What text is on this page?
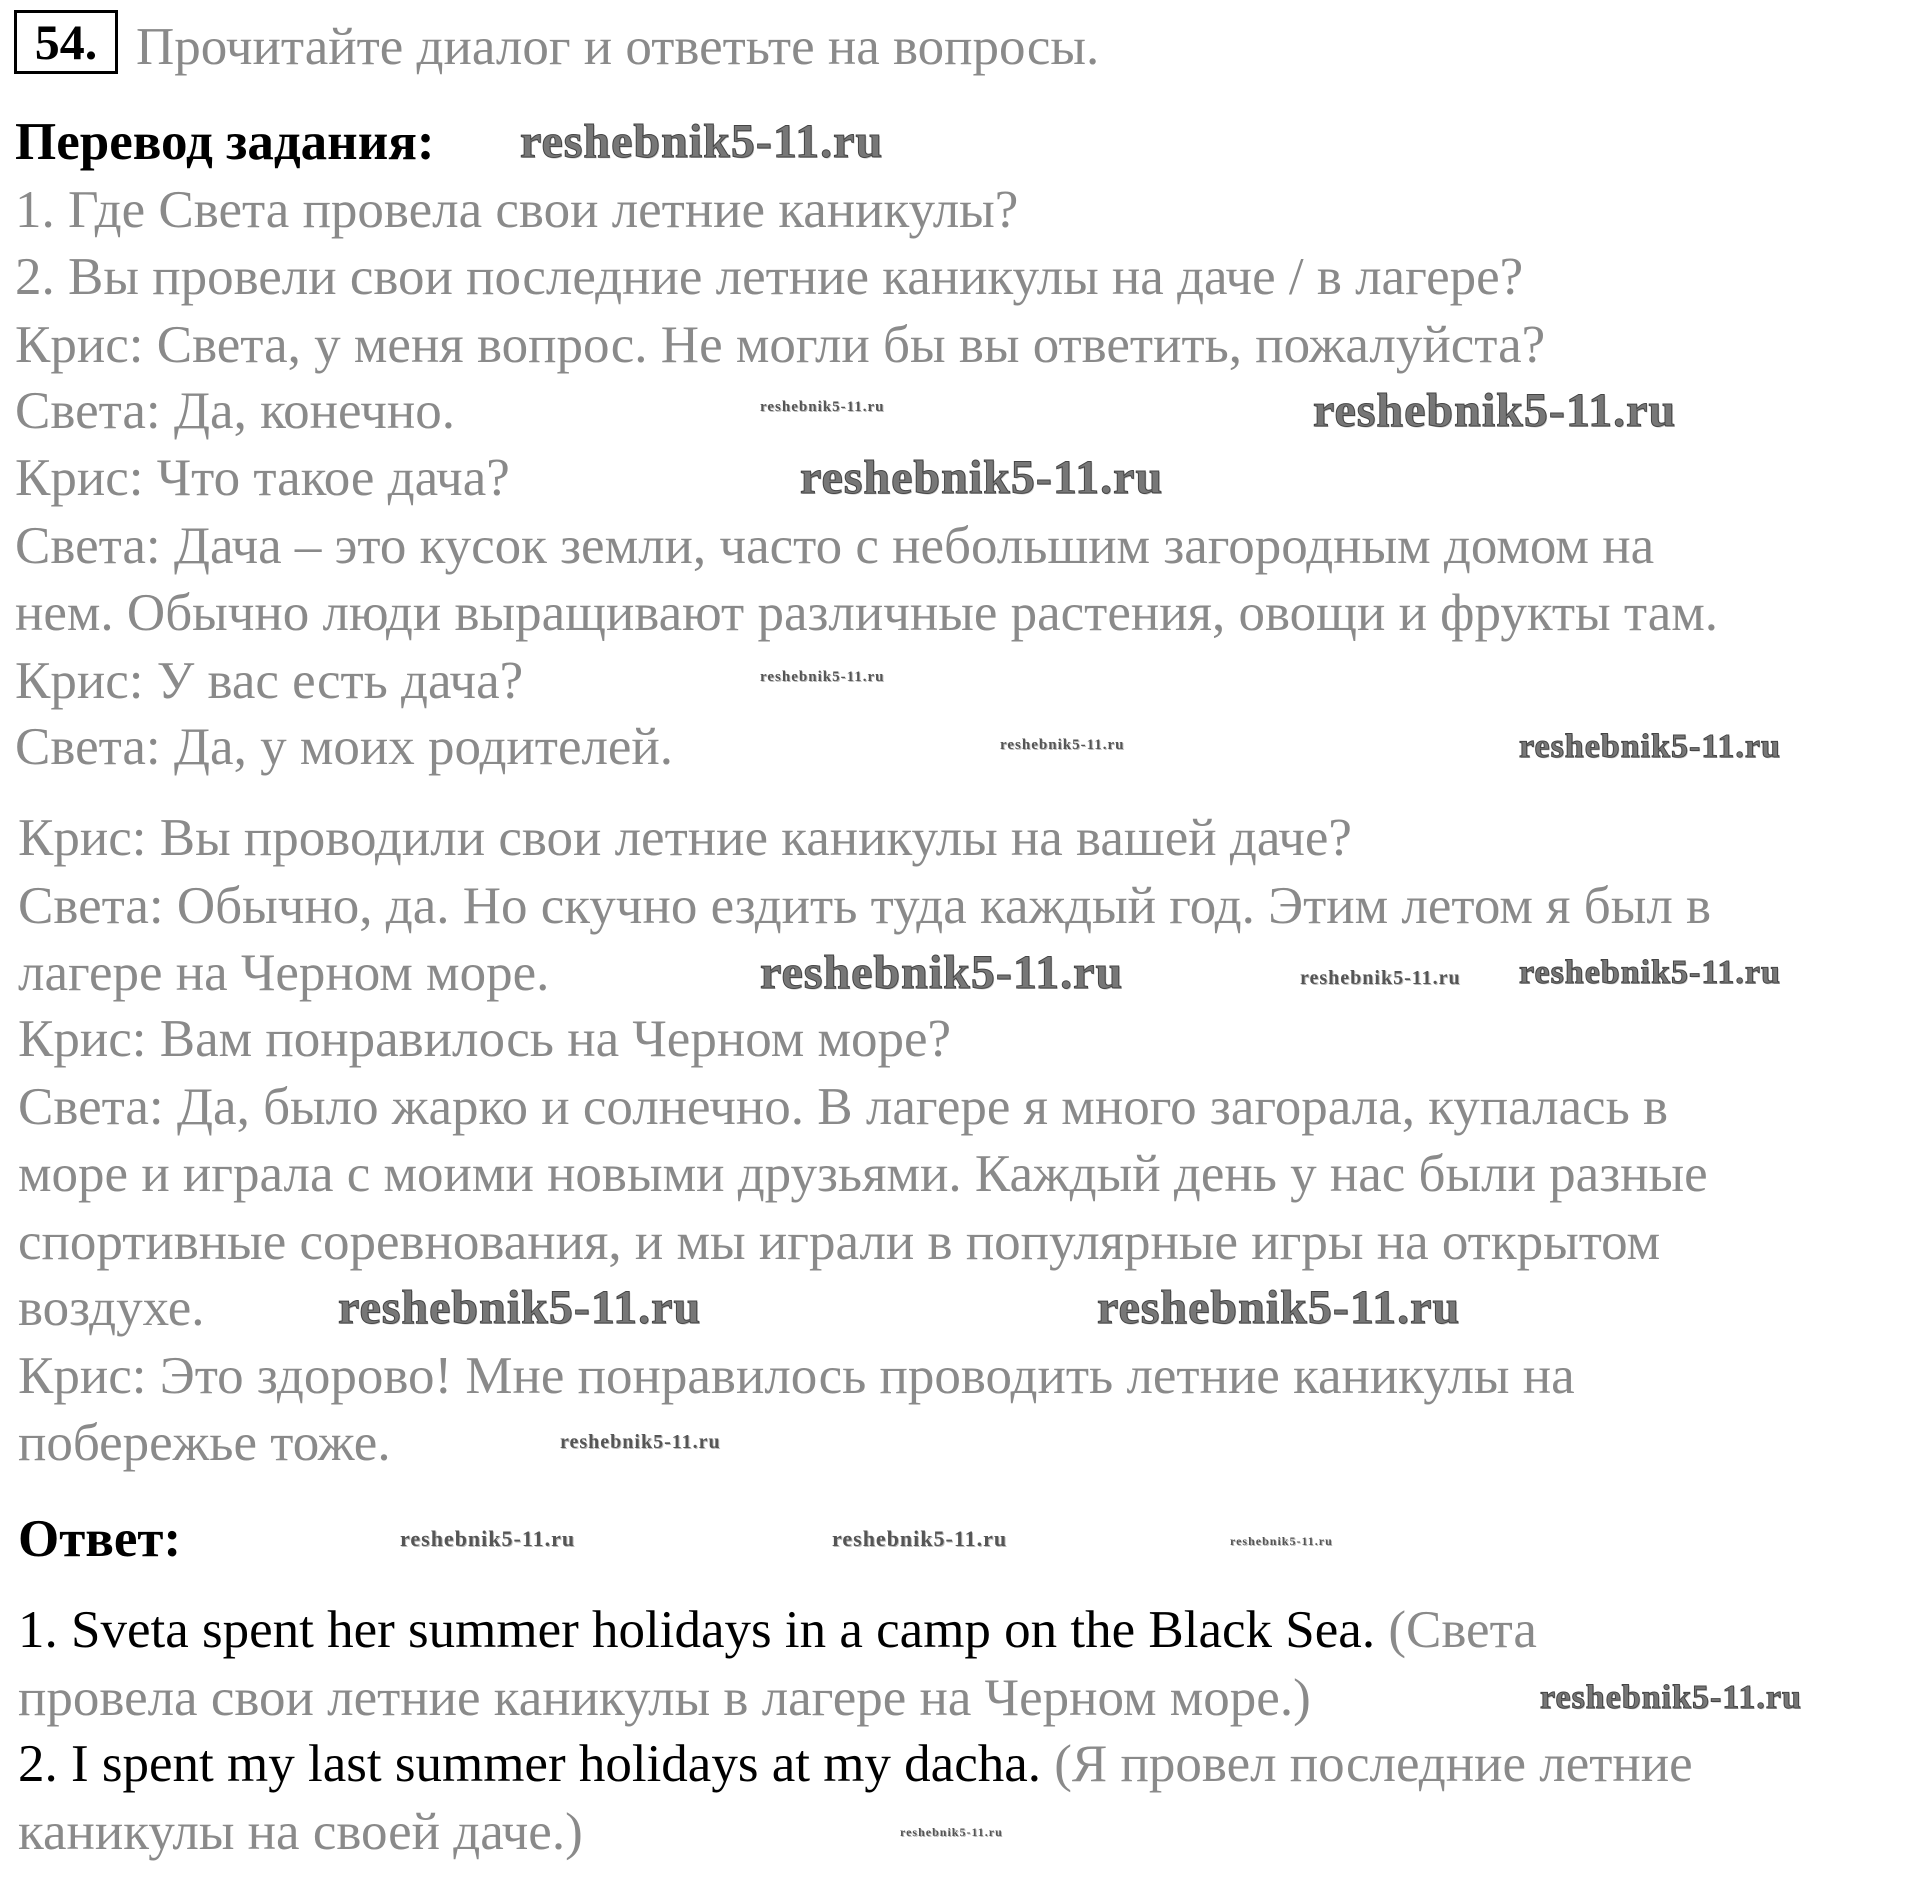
54. Прочитайте диалог и ответьте на вопросы.
Перевод задания:
1. Где Света провела свои летние каникулы?
2. Вы провели свои последние летние каникулы на даче / в лагере?
Крис: Света, у меня вопрос. Не могли бы вы ответить, пожалуйста?
Света: Да, конечно.
Крис: Что такое дача?
Света: Дача – это кусок земли, часто с небольшим загородным домом на
нем. Обычно люди выращивают различные растения, овощи и фрукты там.
Крис: У вас есть дача?
Света: Да, у моих родителей.
Крис: Вы проводили свои летние каникулы на вашей даче?
Света: Обычно, да. Но скучно ездить туда каждый год. Этим летом я был в
лагере на Черном море.
Крис: Вам понравилось на Черном море?
Света: Да, было жарко и солнечно. В лагере я много загорала, купалась в
море и играла с моими новыми друзьями. Каждый день у нас были разные
спортивные соревнования, и мы играли в популярные игры на открытом
воздухе.
Крис: Это здорово! Мне понравилось проводить летние каникулы на
побережье тоже.
Ответ:
1. Sveta spent her summer holidays in a camp on the Black Sea. (Света
провела свои летние каникулы в лагере на Черном море.)
2. I spent my last summer holidays at my dacha. (Я провел последние летние
каникулы на своей даче.)
reshebnik5-11.ru
reshebnik5-11.ru
reshebnik5-11.ru
reshebnik5-11.ru
reshebnik5-11.ru	reshebnik5-11.ru
reshebnik5-11.ru	reshebnik5-11.ru
reshebnik5-11.ru
reshebnik5-11.ru
reshebnik5-11.ru
reshebnik5-11.ru
reshebnik5-11.ru
reshebnik5-11.ru
reshebnik5-11.ru	reshebnik5-11.ru	reshebnik5-11.ru
reshebnik5-11.ru
